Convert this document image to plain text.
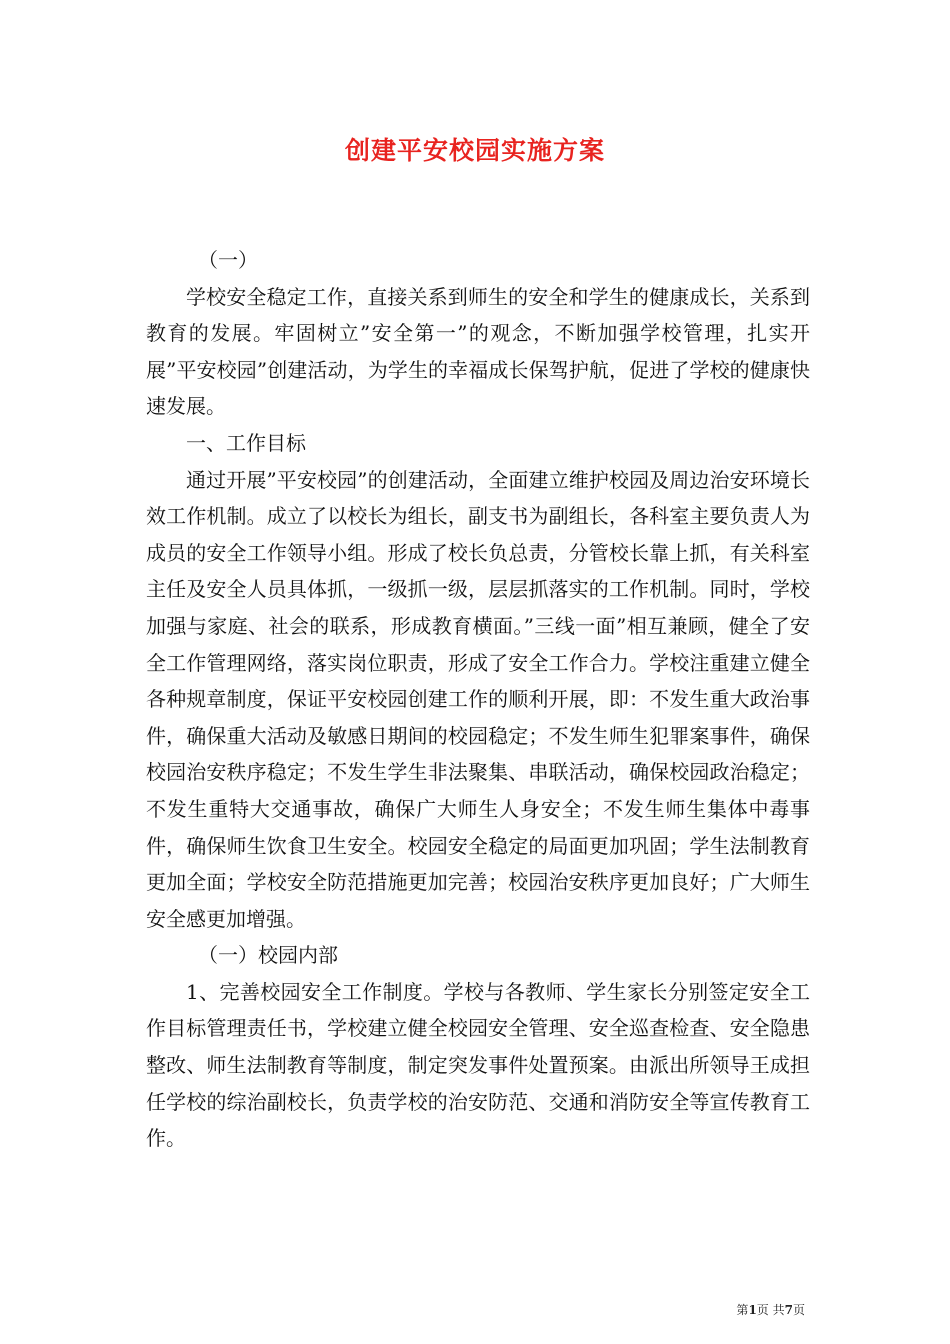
创建平安校园实施方案

（一）

学校安全稳定工作，直接关系到师生的安全和学生的健康成长，关系到教育的发展。牢固树立”安全第一”的观念，不断加强学校管理，扎实开展”平安校园”创建活动，为学生的幸福成长保驾护航，促进了学校的健康快速发展。

一、工作目标

通过开展”平安校园”的创建活动，全面建立维护校园及周边治安环境长效工作机制。成立了以校长为组长，副支书为副组长，各科室主要负责人为成员的安全工作领导小组。形成了校长负总责，分管校长靠上抓，有关科室主任及安全人员具体抓，一级抓一级，层层抓落实的工作机制。同时，学校加强与家庭、社会的联系，形成教育横面。”三线一面”相互兼顾，健全了安全工作管理网络，落实岗位职责，形成了安全工作合力。学校注重建立健全各种规章制度，保证平安校园创建工作的顺利开展，即：不发生重大政治事件，确保重大活动及敏感日期间的校园稳定；不发生师生犯罪案事件，确保校园治安秩序稳定；不发生学生非法聚集、串联活动，确保校园政治稳定；不发生重特大交通事故，确保广大师生人身安全；不发生师生集体中毒事件，确保师生饮食卫生安全。校园安全稳定的局面更加巩固；学生法制教育更加全面；学校安全防范措施更加完善；校园治安秩序更加良好；广大师生安全感更加增强。

（一）校园内部

1、完善校园安全工作制度。学校与各教师、学生家长分别签定安全工作目标管理责任书，学校建立健全校园安全管理、安全巡查检查、安全隐患整改、师生法制教育等制度，制定突发事件处置预案。由派出所领导王成担任学校的综治副校长，负责学校的治安防范、交通和消防安全等宣传教育工作。

第1页 共7页
